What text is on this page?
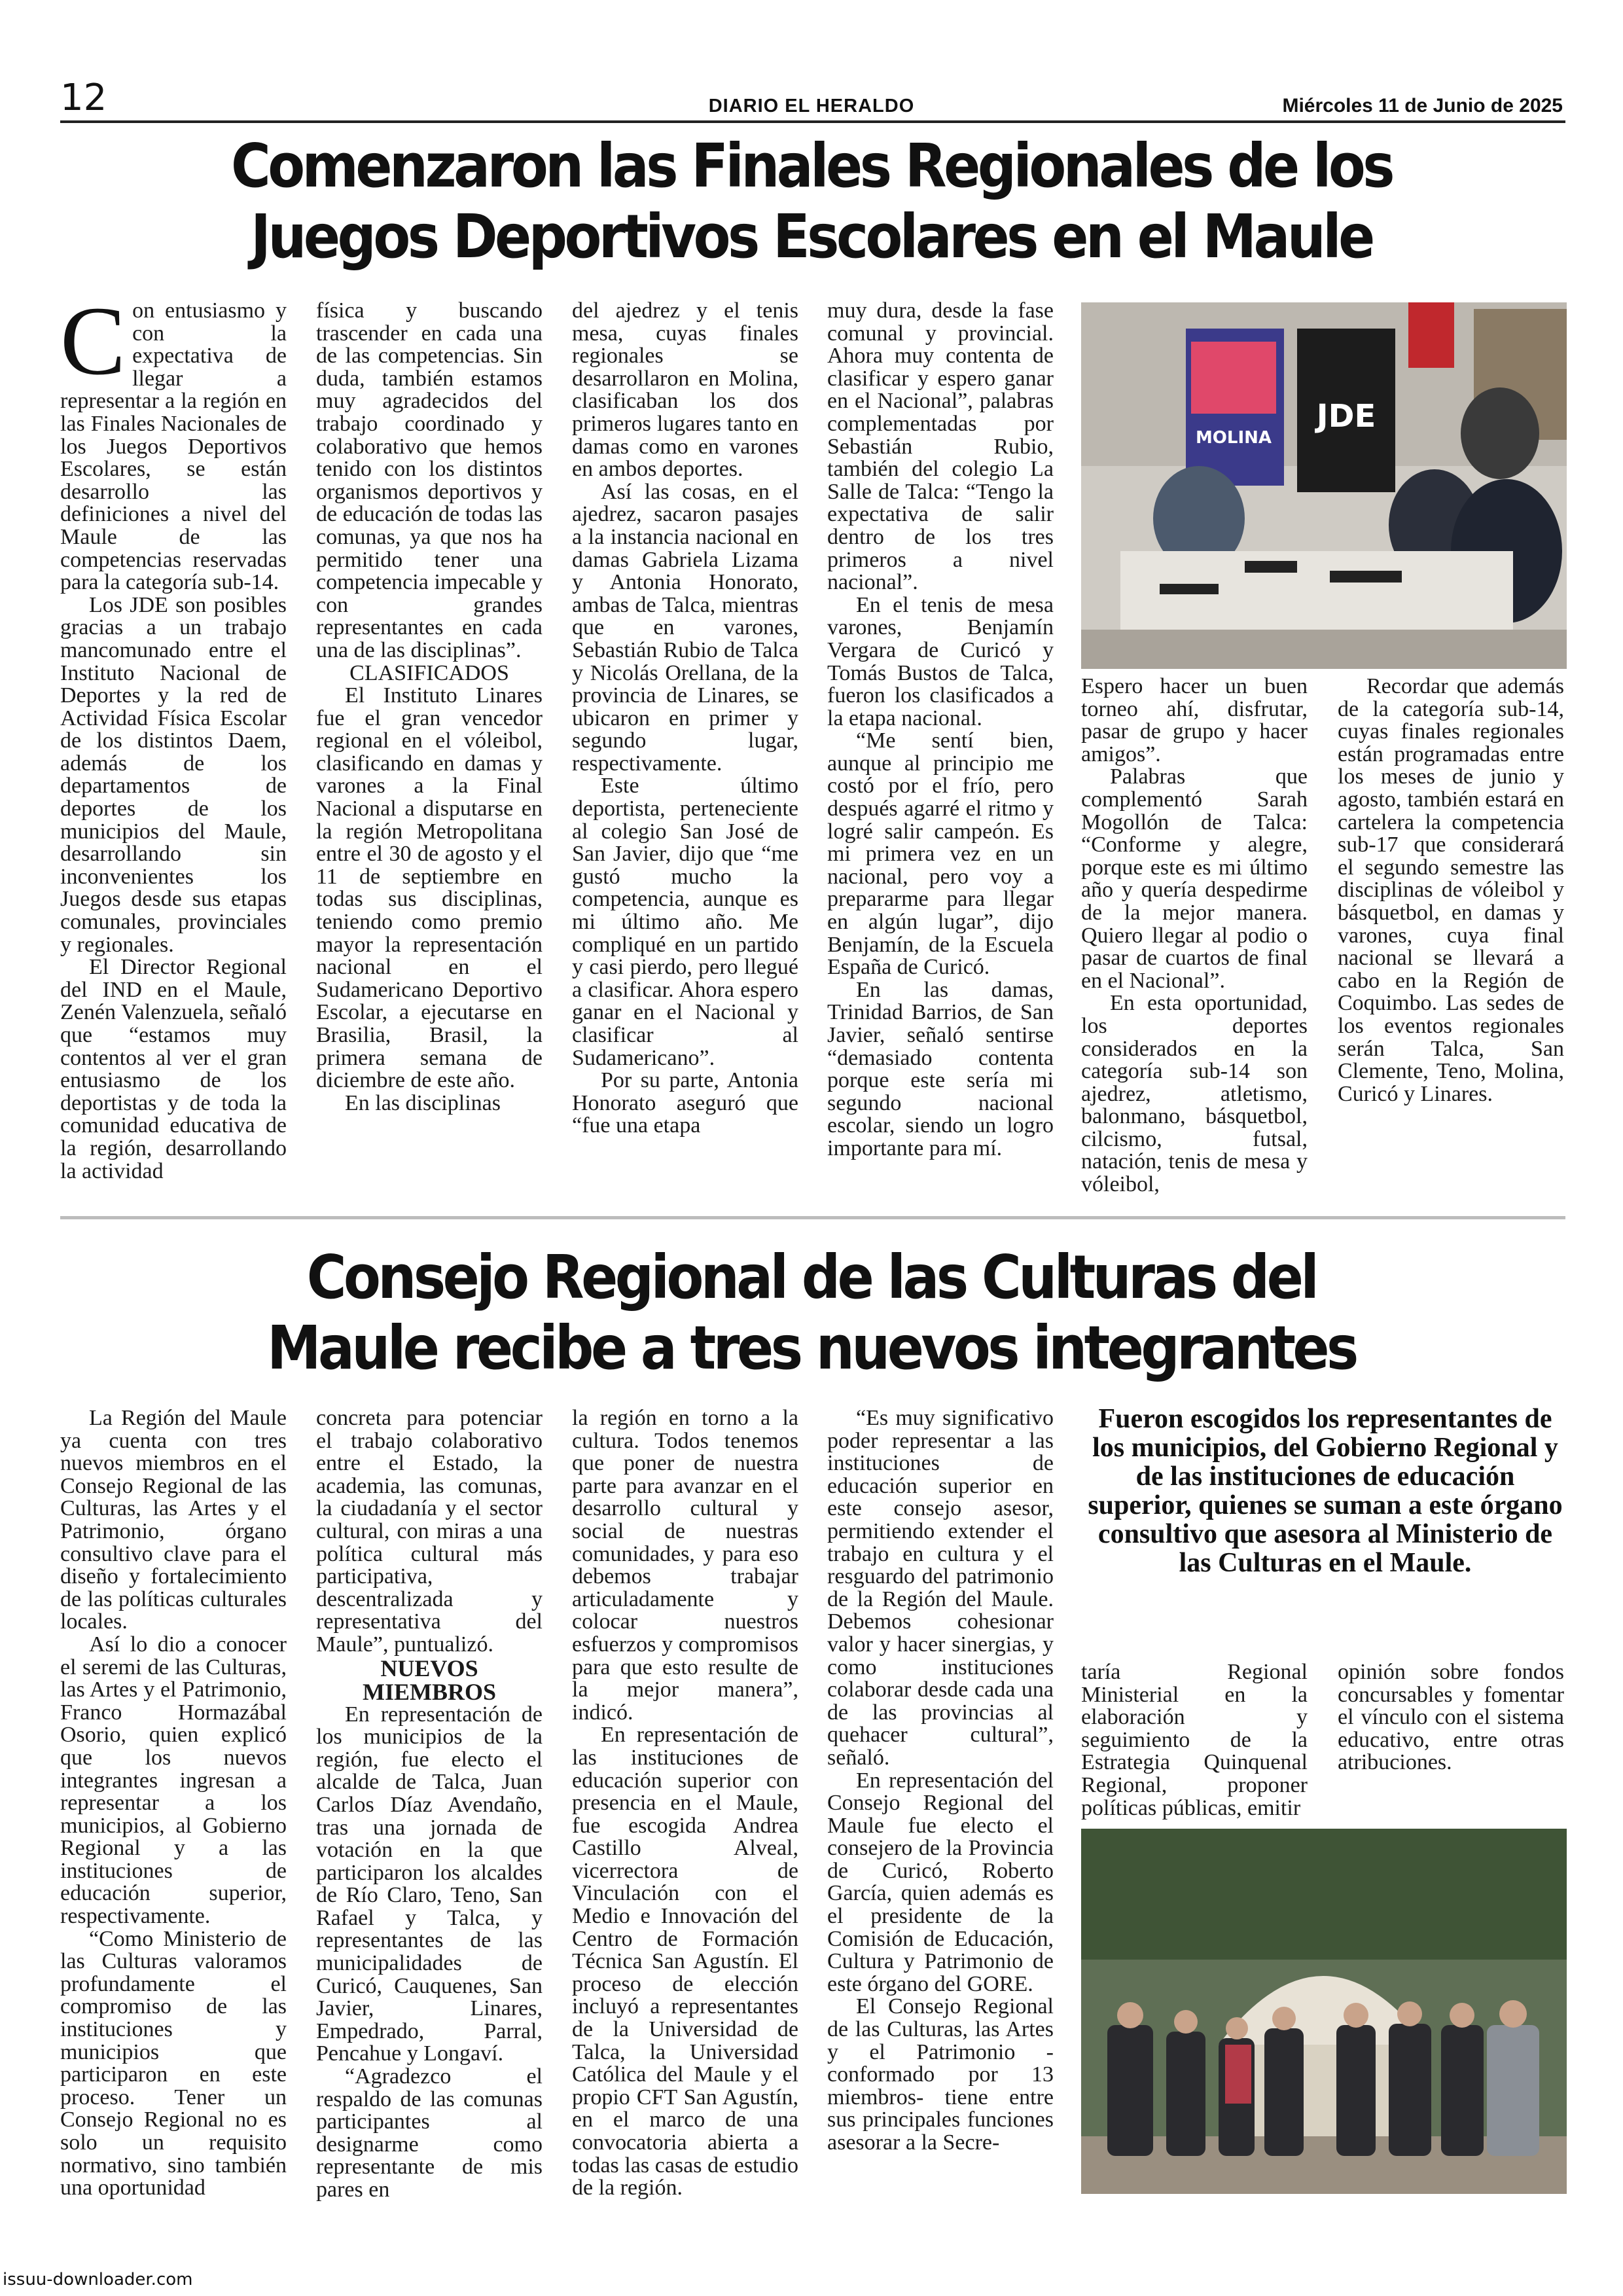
12	DIARIO EL HERALDO	Miércoles 11 de Junio de 2025
Comenzaron las Finales Regionales de los
Juegos Deportivos Escolares en el Maule
C on entusiasmo y con la expectativa de llegar a representar a la región en las Finales Nacionales de los Juegos Deportivos Escolares, se están desarrollo las definiciones a nivel del Maule de las competencias reservadas para la categoría sub-14.

Los JDE son posibles gracias a un trabajo mancomunado entre el Instituto Nacional de Deportes y la red de Actividad Física Escolar de los distintos Daem, además de los departamentos de deportes de los municipios del Maule, desarrollando sin inconvenientes los Juegos desde sus etapas comunales, provinciales y regionales.

El Director Regional del IND en el Maule, Zenén Valenzuela, señaló que “estamos muy contentos al ver el gran entusiasmo de los deportistas y de toda la comunidad educativa de la región, desarrollando la actividad

física y buscando trascender en cada una de las competencias. Sin duda, también estamos muy agradecidos del trabajo coordinado y colaborativo que hemos tenido con los distintos organismos deportivos y de educación de todas las comunas, ya que nos ha permitido tener una competencia impecable y con grandes representantes en cada una de las disciplinas”.

CLASIFICADOS

El Instituto Linares fue el gran vencedor regional en el vóleibol, clasificando en damas y varones a la Final Nacional a disputarse en la región Metropolitana entre el 30 de agosto y el 11 de septiembre en todas sus disciplinas, teniendo como premio mayor la representación nacional en el Sudamericano Deportivo Escolar, a ejecutarse en Brasilia, Brasil, la primera semana de diciembre de este año.

En las disciplinas

del ajedrez y el tenis mesa, cuyas finales regionales se desarrollaron en Molina, clasificaban los dos primeros lugares tanto en damas como en varones en ambos deportes.

Así las cosas, en el ajedrez, sacaron pasajes a la instancia nacional en damas Gabriela Lizama y Antonia Honorato, ambas de Talca, mientras que en varones, Sebastián Rubio de Talca y Nicolás Orellana, de la provincia de Linares, se ubicaron en primer y segundo lugar, respectivamente.

Este último deportista, perteneciente al colegio San José de San Javier, dijo que “me gustó mucho la competencia, aunque es mi último año. Me compliqué en un partido y casi pierdo, pero llegué a clasificar. Ahora espero ganar en el Nacional y clasificar al Sudamericano”.

Por su parte, Antonia Honorato aseguró que “fue una etapa

muy dura, desde la fase comunal y provincial. Ahora muy contenta de clasificar y espero ganar en el Nacional”, palabras complementadas por Sebastián Rubio, también del colegio La Salle de Talca: “Tengo la expectativa de salir dentro de los tres primeros a nivel nacional”.

En el tenis de mesa varones, Benjamín Vergara de Curicó y Tomás Bustos de Talca, fueron los clasificados a la etapa nacional.

“Me sentí bien, aunque al principio me costó por el frío, pero después agarré el ritmo y logré salir campeón. Es mi primera vez en un nacional, pero voy a prepararme para llegar en algún lugar”, dijo Benjamín, de la Escuela España de Curicó.

En las damas, Trinidad Barrios, de San Javier, señaló sentirse “demasiado contenta porque este sería mi segundo nacional escolar, siendo un logro importante para mí.

MOLINA
JDE

Espero hacer un buen torneo ahí, disfrutar, pasar de grupo y hacer amigos”.

Palabras que complementó Sarah Mogollón de Talca: “Conforme y alegre, porque este es mi último año y quería despedirme de la mejor manera. Quiero llegar al podio o pasar de cuartos de final en el Nacional”.

En esta oportunidad, los deportes considerados en la categoría sub-14 son ajedrez, atletismo, balonmano, básquetbol, cilcismo, futsal, natación, tenis de mesa y vóleibol,

Recordar que además de la categoría sub-14, cuyas finales regionales están programadas entre los meses de junio y agosto, también estará en cartelera la competencia sub-17 que considerará el segundo semestre las disciplinas de vóleibol y básquetbol, en damas y varones, cuya final nacional se llevará a cabo en la Región de Coquimbo. Las sedes de los eventos regionales serán Talca, San Clemente, Teno, Molina, Curicó y Linares.

Consejo Regional de las Culturas del
Maule recibe a tres nuevos integrantes

La Región del Maule ya cuenta con tres nuevos miembros en el Consejo Regional de las Culturas, las Artes y el Patrimonio, órgano consultivo clave para el diseño y fortalecimiento de las políticas culturales locales.

Así lo dio a conocer el seremi de las Culturas, las Artes y el Patrimonio, Franco Hormazábal Osorio, quien explicó que los nuevos integrantes ingresan a representar a los municipios, al Gobierno Regional y a las instituciones de educación superior, respectivamente.

“Como Ministerio de las Culturas valoramos profundamente el compromiso de las instituciones y municipios que participaron en este proceso. Tener un Consejo Regional no es solo un requisito normativo, sino también una oportunidad

concreta para potenciar el trabajo colaborativo entre el Estado, la academia, las comunas, la ciudadanía y el sector cultural, con miras a una política cultural más participativa, descentralizada y representativa del Maule”, puntualizó.

NUEVOS MIEMBROS

En representación de los municipios de la región, fue electo el alcalde de Talca, Juan Carlos Díaz Avendaño, tras una jornada de votación en la que participaron los alcaldes de Río Claro, Teno, San Rafael y Talca, y representantes de las municipalidades de Curicó, Cauquenes, San Javier, Linares, Empedrado, Parral, Pencahue y Longaví.

“Agradezco el respaldo de las comunas participantes al designarme como representante de mis pares en

la región en torno a la cultura. Todos tenemos que poner de nuestra parte para avanzar en el desarrollo cultural y social de nuestras comunidades, y para eso debemos trabajar articuladamente y colocar nuestros esfuerzos y compromisos para que esto resulte de la mejor manera”, indicó.

En representación de las instituciones de educación superior con presencia en el Maule, fue escogida Andrea Castillo Alveal, vicerrectora de Vinculación con el Medio e Innovación del Centro de Formación Técnica San Agustín. El proceso de elección incluyó a representantes de la Universidad de Talca, la Universidad Católica del Maule y el propio CFT San Agustín, en el marco de una convocatoria abierta a todas las casas de estudio de la región.

“Es muy significativo poder representar a las instituciones de educación superior en este consejo asesor, permitiendo extender el trabajo en cultura y el resguardo del patrimonio de la Región del Maule. Debemos cohesionar valor y hacer sinergias, y como instituciones colaborar desde cada una de las provincias al quehacer cultural”, señaló.

En representación del Consejo Regional del Maule fue electo el consejero de la Provincia de Curicó, Roberto García, quien además es el presidente de la Comisión de Educación, Cultura y Patrimonio de este órgano del GORE.

El Consejo Regional de las Culturas, las Artes y el Patrimonio -conformado por 13 miembros- tiene entre sus principales funciones asesorar a la Secre-

Fueron escogidos los representantes de los municipios, del Gobierno Regional y de las instituciones de educación superior, quienes se suman a este órgano consultivo que asesora al Ministerio de las Culturas en el Maule.

taría Regional Ministerial en la elaboración y seguimiento de la Estrategia Quinquenal Regional, proponer políticas públicas, emitir

opinión sobre fondos concursables y fomentar el vínculo con el sistema educativo, entre otras atribuciones.

issuu-downloader.com
